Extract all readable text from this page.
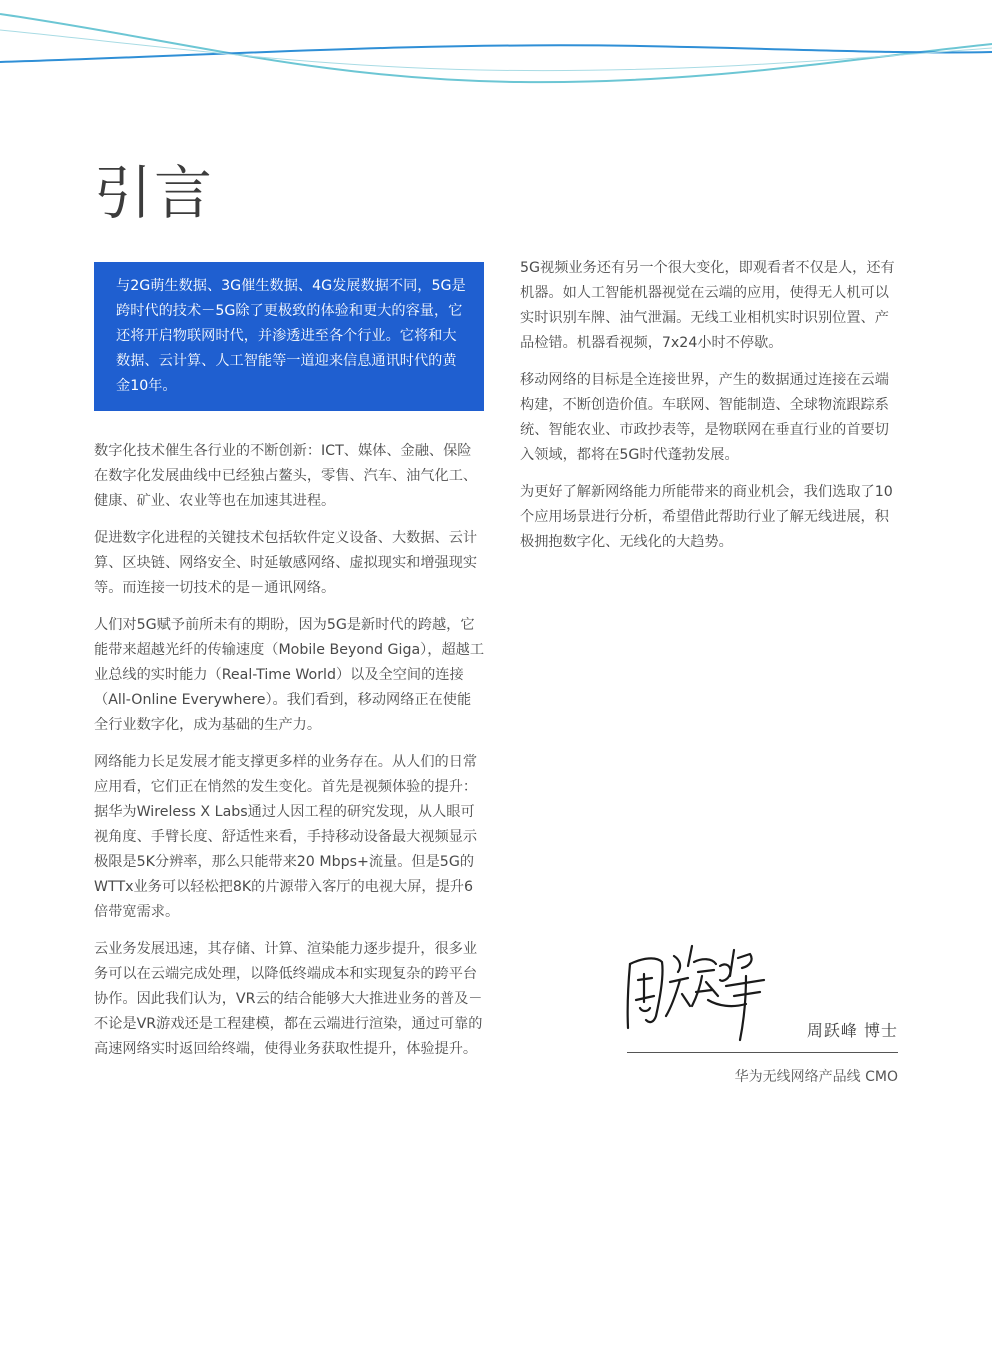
引言
与2G萌生数据、3G催生数据、4G发展数据不同，5G是跨时代的技术－5G除了更极致的体验和更大的容量，它还将开启物联网时代，并渗透进至各个行业。它将和大数据、云计算、人工智能等一道迎来信息通讯时代的黄金10年。

数字化技术催生各行业的不断创新：ICT、媒体、金融、保险在数字化发展曲线中已经独占鳌头，零售、汽车、油气化工、健康、矿业、农业等也在加速其进程。

促进数字化进程的关键技术包括软件定义设备、大数据、云计算、区块链、网络安全、时延敏感网络、虚拟现实和增强现实等。而连接一切技术的是－通讯网络。

人们对5G赋予前所未有的期盼，因为5G是新时代的跨越，它能带来超越光纤的传输速度（Mobile Beyond Giga），超越工业总线的实时能力（Real-Time World）以及全空间的连接（All-Online Everywhere）。我们看到，移动网络正在使能全行业数字化，成为基础的生产力。

网络能力长足发展才能支撑更多样的业务存在。从人们的日常应用看，它们正在悄然的发生变化。首先是视频体验的提升：据华为Wireless X Labs通过人因工程的研究发现，从人眼可视角度、手臂长度、舒适性来看，手持移动设备最大视频显示极限是5K分辨率，那么只能带来20 Mbps+流量。但是5G的WTTx业务可以轻松把8K的片源带入客厅的电视大屏，提升6倍带宽需求。

云业务发展迅速，其存储、计算、渲染能力逐步提升，很多业务可以在云端完成处理，以降低终端成本和实现复杂的跨平台协作。因此我们认为，VR云的结合能够大大推进业务的普及－不论是VR游戏还是工程建模，都在云端进行渲染，通过可靠的高速网络实时返回给终端，使得业务获取性提升，体验提升。

5G视频业务还有另一个很大变化，即观看者不仅是人，还有机器。如人工智能机器视觉在云端的应用，使得无人机可以实时识别车牌、油气泄漏。无线工业相机实时识别位置、产品检错。机器看视频，7x24小时不停歇。

移动网络的目标是全连接世界，产生的数据通过连接在云端构建，不断创造价值。车联网、智能制造、全球物流跟踪系统、智能农业、市政抄表等，是物联网在垂直行业的首要切入领域，都将在5G时代蓬勃发展。

为更好了解新网络能力所能带来的商业机会，我们选取了10个应用场景进行分析，希望借此帮助行业了解无线进展，积极拥抱数字化、无线化的大趋势。

周跃峰 博士
华为无线网络产品线 CMO
